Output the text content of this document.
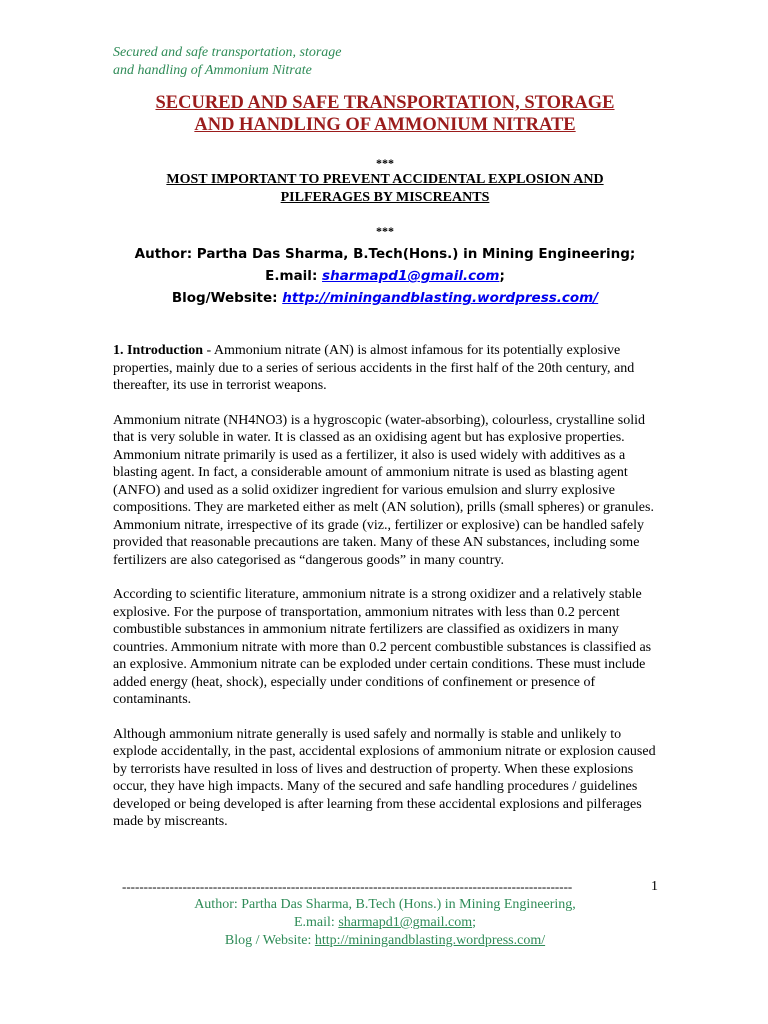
Secured and safe transportation, storage
and handling of Ammonium Nitrate
SECURED AND SAFE TRANSPORTATION, STORAGE
AND HANDLING OF AMMONIUM NITRATE
***
MOST IMPORTANT TO PREVENT ACCIDENTAL EXPLOSION AND
PILFERAGES BY MISCREANTS
***
Author: Partha Das Sharma, B.Tech(Hons.) in Mining Engineering;
E.mail: sharmapd1@gmail.com;
Blog/Website: http://miningandblasting.wordpress.com/

1. Introduction - Ammonium nitrate (AN) is almost infamous for its potentially explosive properties, mainly due to a series of serious accidents in the first half of the 20th century, and thereafter, its use in terrorist weapons.

Ammonium nitrate (NH4NO3) is a hygroscopic (water-absorbing), colourless, crystalline solid that is very soluble in water. It is classed as an oxidising agent but has explosive properties. Ammonium nitrate primarily is used as a fertilizer, it also is used widely with additives as a blasting agent. In fact, a considerable amount of ammonium nitrate is used as blasting agent (ANFO) and used as a solid oxidizer ingredient for various emulsion and slurry explosive compositions. They are marketed either as melt (AN solution), prills (small spheres) or granules. Ammonium nitrate, irrespective of its grade (viz., fertilizer or explosive) can be handled safely provided that reasonable precautions are taken. Many of these AN substances, including some fertilizers are also categorised as “dangerous goods” in many country.

According to scientific literature, ammonium nitrate is a strong oxidizer and a relatively stable explosive. For the purpose of transportation, ammonium nitrates with less than 0.2 percent combustible substances in ammonium nitrate fertilizers are classified as oxidizers in many countries. Ammonium nitrate with more than 0.2 percent combustible substances is classified as an explosive. Ammonium nitrate can be exploded under certain conditions. These must include added energy (heat, shock), especially under conditions of confinement or presence of contaminants.

Although ammonium nitrate generally is used safely and normally is stable and unlikely to explode accidentally, in the past, accidental explosions of ammonium nitrate or explosion caused by terrorists have resulted in loss of lives and destruction of property. When these explosions occur, they have high impacts. Many of the secured and safe handling procedures / guidelines developed or being developed is after learning from these accidental explosions and pilferages made by miscreants.

--------------------------------------------------------------------------------------------------------	1
Author: Partha Das Sharma, B.Tech (Hons.) in Mining Engineering,
E.mail: sharmapd1@gmail.com;
Blog / Website: http://miningandblasting.wordpress.com/
